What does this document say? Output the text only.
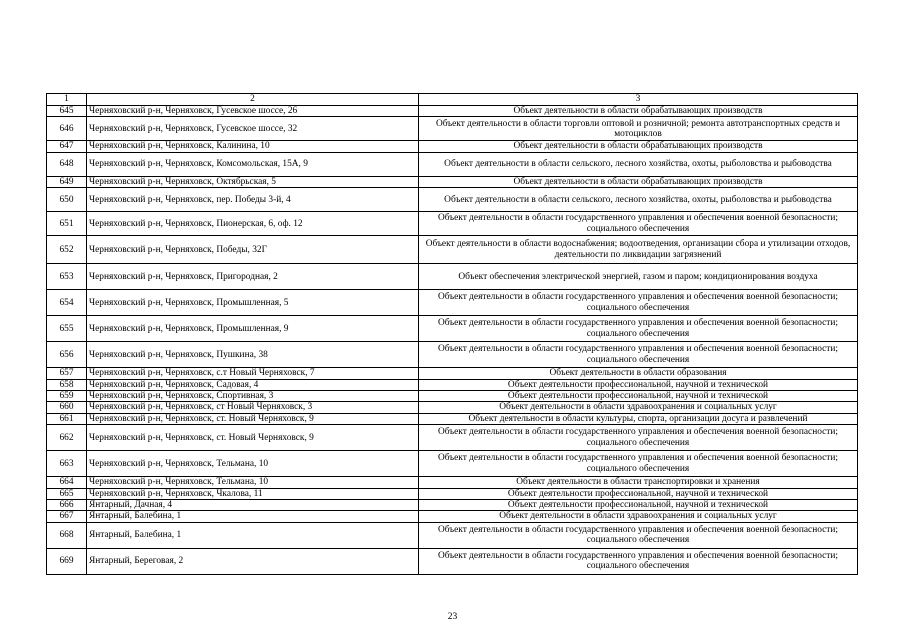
1	2	3
645	Черняховский р-н, Черняховск, Гусевское шоссе, 26	Объект деятельности в области обрабатывающих производств
646	Черняховский р-н, Черняховск, Гусевское шоссе, 32	Объект деятельности в области торговли оптовой и розничной; ремонта автотранспортных средств и мотоциклов
647	Черняховский р-н, Черняховск, Калинина, 10	Объект деятельности в области обрабатывающих производств
648	Черняховский р-н, Черняховск, Комсомольская, 15А, 9	Объект деятельности в области сельского, лесного хозяйства, охоты, рыболовства и рыбоводства
649	Черняховский р-н, Черняховск, Октябрьская, 5	Объект деятельности в области обрабатывающих производств
650	Черняховский р-н, Черняховск, пер. Победы 3-й, 4	Объект деятельности в области сельского, лесного хозяйства, охоты, рыболовства и рыбоводства
651	Черняховский р-н, Черняховск, Пионерская, 6, оф. 12	Объект деятельности в области государственного управления и обеспечения военной безопасности; социального обеспечения
652	Черняховский р-н, Черняховск, Победы, 32Г	Объект деятельности в области водоснабжения; водоотведения, организации сбора и утилизации отходов, деятельности по ликвидации загрязнений
653	Черняховский р-н, Черняховск, Пригородная, 2	Объект обеспечения электрической энергией, газом и паром; кондиционирования воздуха
654	Черняховский р-н, Черняховск, Промышленная, 5	Объект деятельности в области государственного управления и обеспечения военной безопасности; социального обеспечения
655	Черняховский р-н, Черняховск, Промышленная, 9	Объект деятельности в области государственного управления и обеспечения военной безопасности; социального обеспечения
656	Черняховский р-н, Черняховск, Пушкина, 38	Объект деятельности в области государственного управления и обеспечения военной безопасности; социального обеспечения
657	Черняховский р-н, Черняховск, с.т Новый Черняховск, 7	Объект деятельности в области образования
658	Черняховский р-н, Черняховск, Садовая, 4	Объект деятельности профессиональной, научной и технической
659	Черняховский р-н, Черняховск, Спортивная, 3	Объект деятельности профессиональной, научной и технической
660	Черняховский р-н, Черняховск, ст Новый Черняховск, 3	Объект деятельности в области здравоохранения и социальных услуг
661	Черняховский р-н, Черняховск, ст. Новый Черняховск, 9	Объект деятельности в области культуры, спорта, организации досуга и развлечений
662	Черняховский р-н, Черняховск, ст. Новый Черняховск, 9	Объект деятельности в области государственного управления и обеспечения военной безопасности; социального обеспечения
663	Черняховский р-н, Черняховск, Тельмана, 10	Объект деятельности в области государственного управления и обеспечения военной безопасности; социального обеспечения
664	Черняховский р-н, Черняховск, Тельмана, 10	Объект деятельности в области транспортировки и хранения
665	Черняховский р-н, Черняховск, Чкалова, 11	Объект деятельности профессиональной, научной и технической
666	Янтарный, Дачная, 4	Объект деятельности профессиональной, научной и технической
667	Янтарный, Балебина, 1	Объект деятельности в области здравоохранения и социальных услуг
668	Янтарный, Балебина, 1	Объект деятельности в области государственного управления и обеспечения военной безопасности; социального обеспечения
669	Янтарный, Береговая, 2	Объект деятельности в области государственного управления и обеспечения военной безопасности; социального обеспечения
23
